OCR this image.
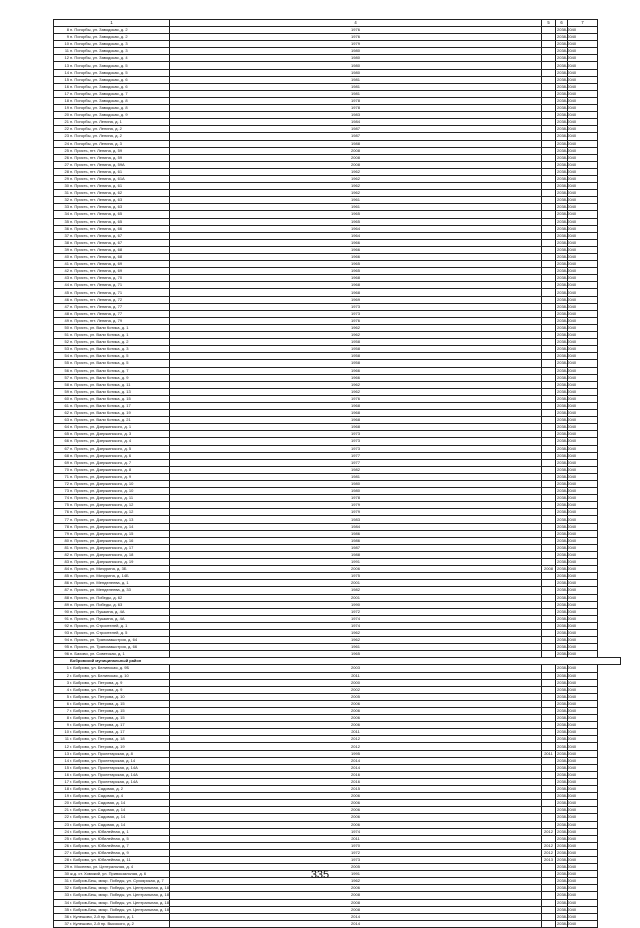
1		4	5	6	7
8п. Погорбы, ул. Заводская, д. 2		1976		2038-2040	
9п. Погорбы, ул. Заводская, д. 2		1976		2038-2040	
10п. Погорбы, ул. Заводская, д. 3		1979		2038-2040	
11п. Погорбы, ул. Заводская, д. 3		1980		2038-2040	
12п. Погорбы, ул. Заводская, д. 4		1980		2038-2040	
13п. Погорбы, ул. Заводская, д. 5		1980		2038-2040	
14п. Погорбы, ул. Заводская, д. 5		1980		2038-2040	
15п. Погорбы, ул. Заводская, д. 6		1981		2038-2040	
16п. Погорбы, ул. Заводская, д. 6		1981		2038-2040	
17п. Погорбы, ул. Заводская, д. 7		1981		2038-2040	
18п. Погорбы, ул. Заводская, д. 8		1978		2038-2040	
19п. Погорбы, ул. Заводская, д. 8		1978		2038-2040	
20п. Погорбы, ул. Заводская, д. 9		1983		2038-2040	
21п. Погорбы, ул. Ленина, д. 1		1984		2038-2040	
22п. Погорбы, ул. Ленина, д. 2		1987		2038-2040	
23п. Погорбы, ул. Ленина, д. 2		1987		2038-2040	
24п. Погорбы, ул. Ленина, д. 3		1988		2038-2040	
25п. Присть, пгт. Ленина, д. 59		2008		2038-2040	
26п. Присть, пгт. Ленина, д. 59		2008		2038-2040	
27п. Присть, пгт. Ленина, д. 59А		2008		2038-2040	
28п. Присть, пгт. Ленина, д. 61		1962		2038-2040	
29п. Присть, пгт. Ленина, д. 61А		1962		2038-2040	
30п. Присть, пгт. Ленина, д. 61		1962		2038-2040	
31п. Присть, пгт. Ленина, д. 62		1962		2038-2040	
32п. Присть, пгт. Ленина, д. 63		1961		2038-2040	
33п. Присть, пгт. Ленина, д. 63		1961		2038-2040	
34п. Присть, пгт. Ленина, д. 65		1965		2038-2040	
35п. Присть, пгт. Ленина, д. 65		1965		2038-2040	
36п. Присть, пгт. Ленина, д. 66		1964		2038-2040	
37п. Присть, пгт. Ленина, д. 67		1964		2038-2040	
38п. Присть, пгт. Ленина, д. 67		1966		2038-2040	
39п. Присть, пгт. Ленина, д. 68		1966		2038-2040	
40п. Присть, пгт. Ленина, д. 68		1966		2038-2040	
41п. Присть, пгт. Ленина, д. 69		1965		2038-2040	
42п. Присть, пгт. Ленина, д. 69		1965		2038-2040	
43п. Присть, пгт. Ленина, д. 70		1968		2038-2040	
44п. Присть, пгт. Ленина, д. 71		1968		2038-2040	
45п. Присть, пгт. Ленина, д. 71		1968		2038-2040	
46п. Присть, пгт. Ленина, д. 72		1969		2038-2040	
47п. Присть, пгт. Ленина, д. 77		1973		2038-2040	
48п. Присть, пгт. Ленина, д. 77		1973		2038-2040	
49п. Присть, пгт. Ленина, д. 79		1976		2038-2040	
50п. Присть, ул. Вали Котика, д. 1		1962		2038-2040	
51п. Присть, ул. Вали Котика, д. 1		1962		2038-2040	
52п. Присть, ул. Вали Котика, д. 2		1958		2038-2040	
53п. Присть, ул. Вали Котика, д. 3		1958		2038-2040	
54п. Присть, ул. Вали Котика, д. 5		1958		2038-2040	
55п. Присть, ул. Вали Котика, д. 5		1958		2038-2040	
56п. Присть, ул. Вали Котика, д. 7		1966		2038-2040	
57п. Присть, ул. Вали Котика, д. 9		1966		2038-2040	
58п. Присть, ул. Вали Котика, д. 11		1962		2038-2040	
59п. Присть, ул. Вали Котика, д. 13		1962		2038-2040	
60п. Присть, ул. Вали Котика, д. 15		1976		2038-2040	
61п. Присть, ул. Вали Котика, д. 17		1968		2038-2040	
62п. Присть, ул. Вали Котика, д. 19		1968		2038-2040	
63п. Присть, ул. Вали Котика, д. 21		1968		2038-2040	
64п. Присть, ул. Дзержинского, д. 1		1968		2038-2040	
65п. Присть, ул. Дзержинского, д. 3		1973		2038-2040	
66п. Присть, ул. Дзержинского, д. 4		1973		2038-2040	
67п. Присть, ул. Дзержинского, д. 5		1973		2038-2040	
68п. Присть, ул. Дзержинского, д. 6		1977		2038-2040	
69п. Присть, ул. Дзержинского, д. 7		1977		2038-2040	
70п. Присть, ул. Дзержинского, д. 8		1982		2038-2040	
71п. Присть, ул. Дзержинского, д. 9		1981		2038-2040	
72п. Присть, ул. Дзержинского, д. 10		1980		2038-2040	
73п. Присть, ул. Дзержинского, д. 10		1980		2038-2040	
74п. Присть, ул. Дзержинского, д. 11		1978		2038-2040	
75п. Присть, ул. Дзержинского, д. 12		1979		2038-2040	
76п. Присть, ул. Дзержинского, д. 12		1979		2038-2040	
77п. Присть, ул. Дзержинского, д. 13		1983		2038-2040	
78п. Присть, ул. Дзержинского, д. 14		1984		2038-2040	
79п. Присть, ул. Дзержинского, д. 15		1986		2038-2040	
80п. Присть, ул. Дзержинского, д. 16		1986		2038-2040	
81п. Присть, ул. Дзержинского, д. 17		1987		2038-2040	
82п. Присть, ул. Дзержинского, д. 18		1988		2038-2040	
83п. Присть, ул. Дзержинского, д. 19		1991		2038-2040	
84п. Присть, ул. Мичурина, д. 3Б		2006	2008	2038-2040	
85п. Присть, ул. Мичурина, д. 14Б		1975		2038-2040	
86п. Присть, ул. Менделеева, д. 1		2001		2038-2040	
87п. Присть, ул. Менделеева, д. 33		1982		2038-2040	
88п. Присть, ул. Победы, д. 62		2001		2038-2040	
89п. Присть, ул. Победы, д. 63		1990		2038-2040	
90п. Присть, ул. Пушкина, д. 4А		1972		2038-2040	
91п. Присть, ул. Пушкина, д. 4А		1974		2038-2040	
92п. Присть, ул. Строителей, д. 1		1974		2038-2040	
93п. Присть, ул. Строителей, д. 5		1962		2038-2040	
94п. Присть, ул. Трансмашстроя, д. 64		1962		2038-2040	
95п. Присть, ул. Трансмашстроя, д. 66		1961		2038-2040	
96п. Бахово, ул. Советская, д. 1		1965		2038-2040	
Бобровский муниципальный район				
1г. Боброво, ул. Белинская, д. 9Б		2003		2038-2040	
2г. Боброво, ул. Белинская, д. 10		2011		2038-2040	
3г. Боброво, ул. Петрова, д. 9		2000		2038-2040	
4г. Боброво, ул. Петрова, д. 9		2002		2038-2040	
5г. Боброво, ул. Петрова, д. 10		2005		2038-2040	
6г. Боброво, ул. Петрова, д. 15		2006		2038-2040	
7г. Боброво, ул. Петрова, д. 15		2006		2038-2040	
8г. Боброво, ул. Петрова, д. 15		2006		2038-2040	
9г. Боброво, ул. Петрова, д. 17		2006		2038-2040	
10г. Боброво, ул. Петрова, д. 17		2011		2038-2040	
11г. Боброво, ул. Петрова, д. 18		2012		2038-2040	
12г. Боброво, ул. Петрова, д. 19		2012		2038-2040	
13г. Боброво, ул. Пролетарская, д. 8		1995	2011	2038-2040	
14г. Боброво, ул. Пролетарская, д. 14		2014		2038-2040	
15г. Боброво, ул. Пролетарская, д. 14А		2014		2038-2040	
16г. Боброво, ул. Пролетарская, д. 14А		2016		2038-2040	
17г. Боброво, ул. Пролетарская, д. 14А		2016		2038-2040	
18г. Боброво, ул. Садовая, д. 2		2015		2038-2040	
19г. Боброво, ул. Садовая, д. 4		2006		2038-2040	
20г. Боброво, ул. Садовая, д. 14		2006		2038-2040	
21г. Боброво, ул. Садовая, д. 14		2006		2038-2040	
22г. Боброво, ул. Садовая, д. 14		2006		2038-2040	
23г. Боброво, ул. Садовая, д. 14		2006		2038-2040	
24г. Боброво, ул. Юбилейная, д. 1		1974	2012	2038-2040	
25г. Боброво, ул. Юбилейная, д. 5		2011		2038-2040	
26г. Боброво, ул. Юбилейная, д. 7		1970	2012	2038-2040	
27г. Боброво, ул. Юбилейная, д. 9		1972	2012	2038-2040	
28г. Боброво, ул. Юбилейная, д. 11		1973	2013	2038-2040	
29п. Мосеево, ул. Центральная, д. 4		2005		2038-2040	
30ж.д. ст. Хомякий, ул. Привокзальная, д. 6		1991		2038-2040	
31г. Бобров-Беш, микр. Победы, ул. Сухоярская, д. 7		1962		2038-2040	
32г. Бобров-Беш, микр. Победы, ул. Центральная, д. 18		2006		2038-2040	
33г. Бобров-Беш, микр. Победы, ул. Центральная, д. 18		2008		2038-2040	
34г. Бобров-Беш, микр. Победы, ул. Центральная, д. 18		2008		2038-2040	
35г. Бобров-Беш, микр. Победы, ул. Центральная, д. 18		2008		2038-2040	
36г. Кулешово, 2-й пр. Высокого, д. 1		2014		2038-2040	
37г. Кулешово, 2-й пр. Высокого, д. 2		2014		2038-2040	
335
